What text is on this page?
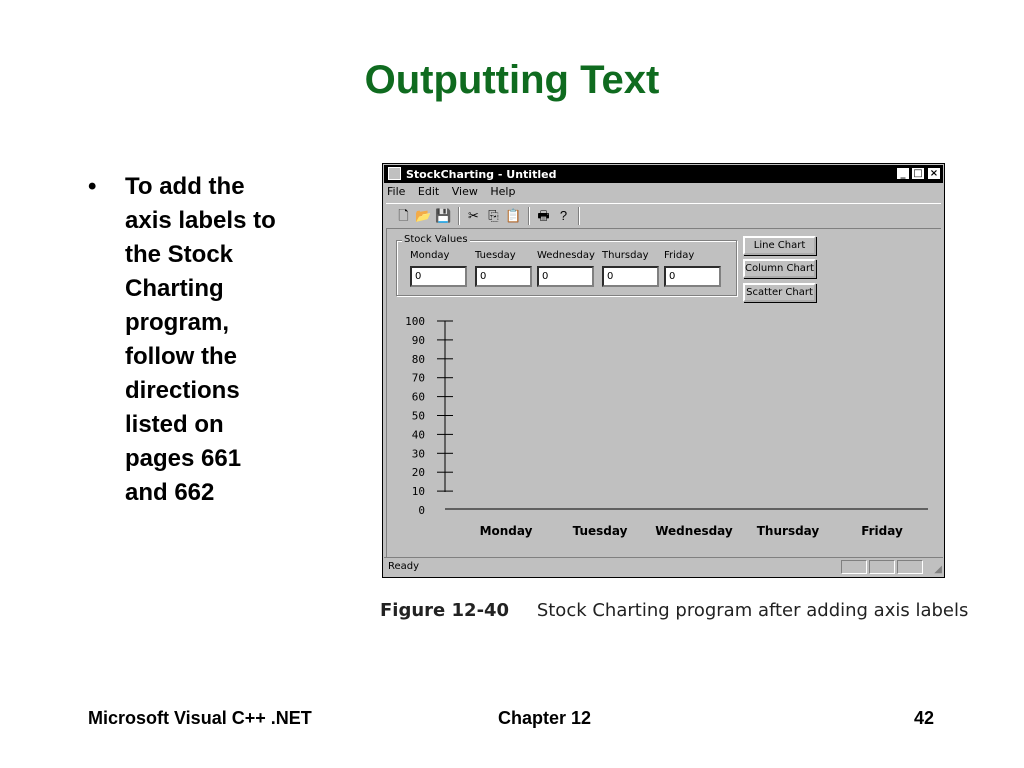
Outputting Text
• To add the axis labels to the Stock Charting program, follow the directions listed on pages 661 and 662
StockCharting - Untitled	_ □ ×
File Edit View Help
🗋 📂 💾 ✂ ⎘ 📋 🖶 ?
Stock Values
Monday	Tuesday Wednesday Thursday Friday
0	0	0	0	0
Line Chart
Column Chart
Scatter Chart
100
90
80
70
60
50
40
30
20
10
0
Monday	Tuesday Wednesday Thursday	Friday
Ready	◢
Figure 12-40 Stock Charting program after adding axis labels
Microsoft Visual C++ .NET	Chapter 12	42
